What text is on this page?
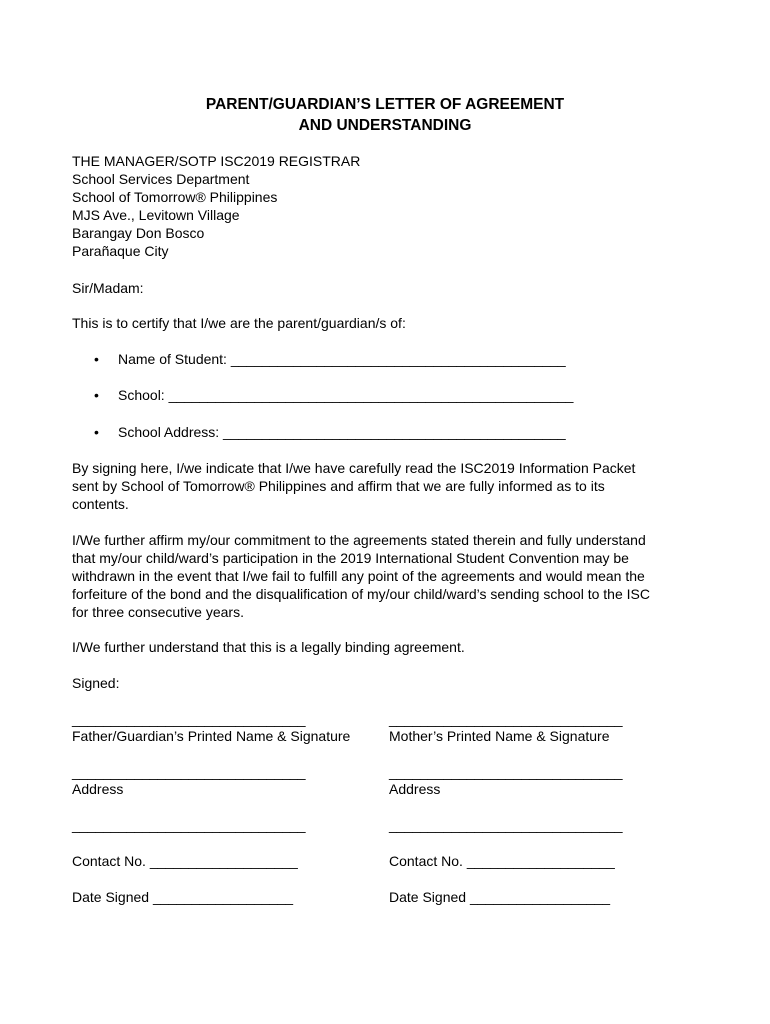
PARENT/GUARDIAN’S LETTER OF AGREEMENT
AND UNDERSTANDING
THE MANAGER/SOTP ISC2019 REGISTRAR
School Services Department
School of Tomorrow® Philippines
MJS Ave., Levitown Village
Barangay Don Bosco
Parañaque City
Sir/Madam:
This is to certify that I/we are the parent/guardian/s of:
• Name of Student: ___________________________________________
• School: ____________________________________________________
• School Address: ____________________________________________
By signing here, I/we indicate that I/we have carefully read the ISC2019 Information Packet
sent by School of Tomorrow® Philippines and affirm that we are fully informed as to its
contents.
I/We further affirm my/our commitment to the agreements stated therein and fully understand
that my/our child/ward’s participation in the 2019 International Student Convention may be
withdrawn in the event that I/we fail to fulfill any point of the agreements and would mean the
forfeiture of the bond and the disqualification of my/our child/ward’s sending school to the ISC
for three consecutive years.
I/We further understand that this is a legally binding agreement.
Signed:
______________________________
Father/Guardian’s Printed Name & Signature
______________________________
Address
______________________________
Contact No. ___________________
Date Signed __________________
______________________________
Mother’s Printed Name & Signature
______________________________
Address
______________________________
Contact No. ___________________
Date Signed __________________
